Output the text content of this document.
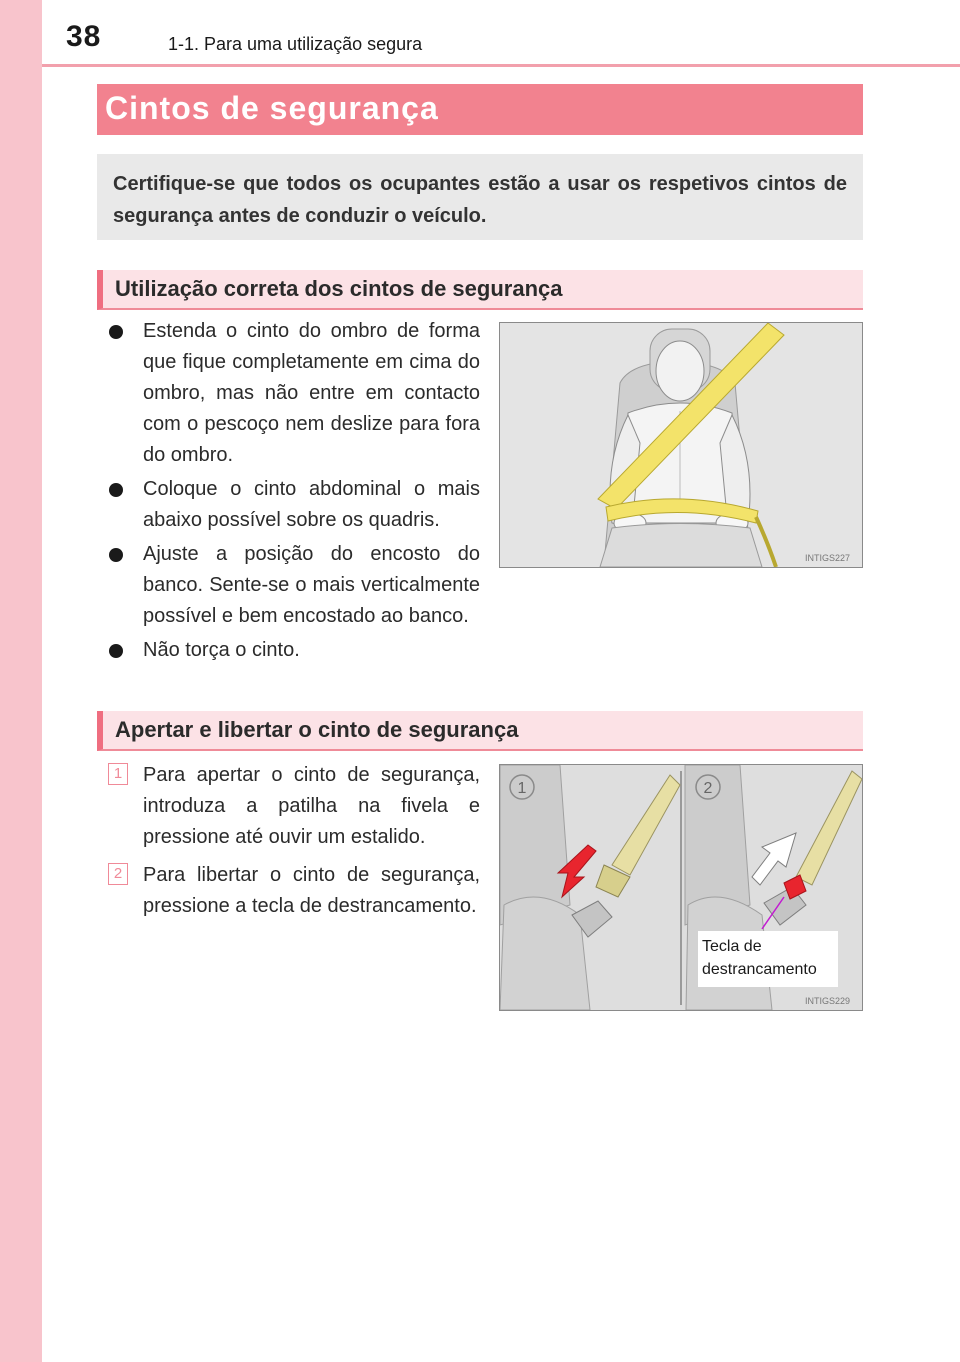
38	1-1. Para uma utilização segura
Cintos de segurança

Certifique-se que todos os ocupantes estão a usar os respetivos cintos de segurança antes de conduzir o veículo.

Utilização correta dos cintos de segurança
Estenda o cinto do ombro de forma que fique completamente em cima do ombro, mas não entre em contacto com o pescoço nem deslize para fora do ombro.
Coloque o cinto abdominal o mais abaixo possível sobre os quadris.
Ajuste a posição do encosto do banco. Sente-se o mais verticalmente possível e bem encostado ao banco.
Não torça o cinto.
INTIGS227
Apertar e libertar o cinto de segurança
1 Para apertar o cinto de segurança, introduza a patilha na fivela e pressione até ouvir um estalido.
2 Para libertar o cinto de segurança, pressione a tecla de destrancamento.
1	2
Tecla de
destrancamento
INTIGS229
